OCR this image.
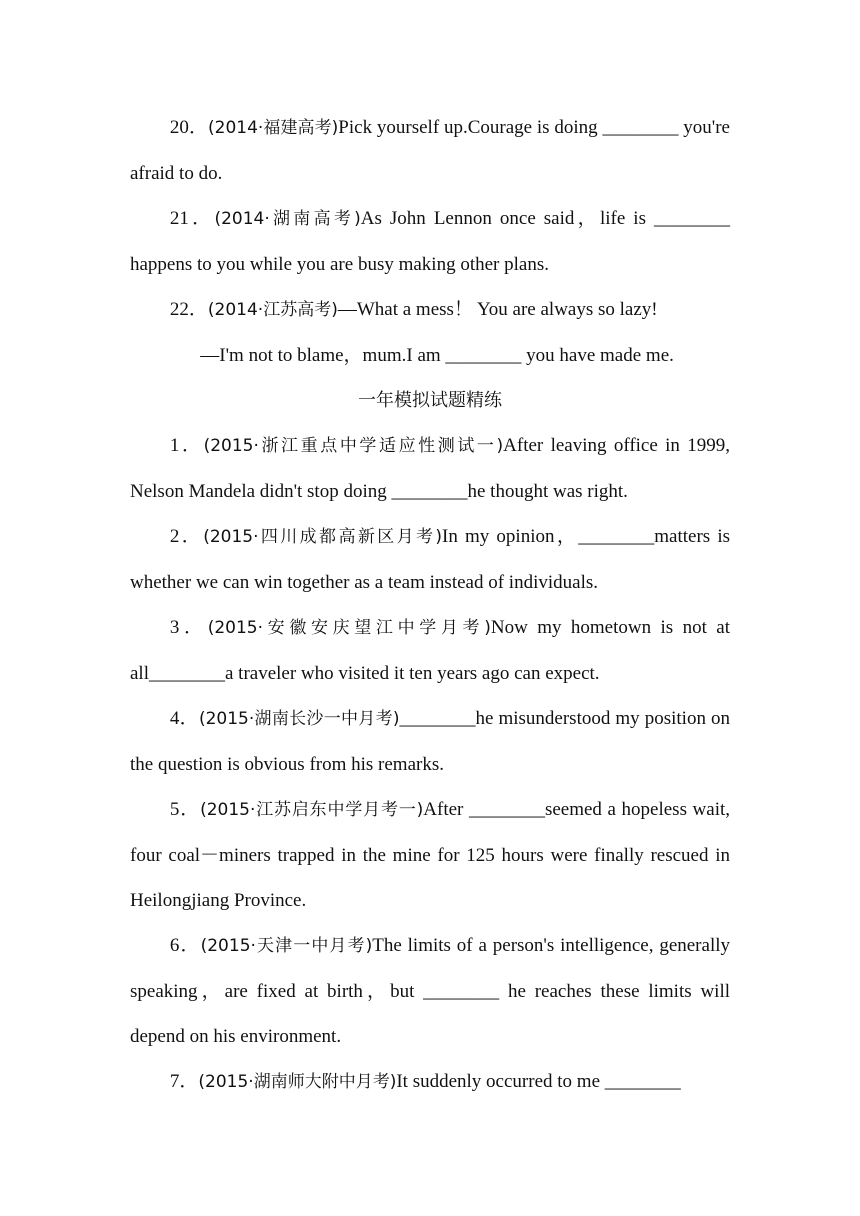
20．(2014·福建高考)Pick yourself up.Courage is doing ________ you're afraid to do.

21．(2014·湖南高考)As John Lennon once said，life is ________ happens to you while you are busy making other plans.

22．(2014·江苏高考)—What a mess！ You are always so lazy!

—I'm not to blame，mum.I am ________ you have made me.

一年模拟试题精练

1．(2015·浙江重点中学适应性测试一)After leaving office in 1999, Nelson Mandela didn't stop doing ________he thought was right.

2．(2015·四川成都高新区月考)In my opinion，________matters is whether we can win together as a team instead of individuals.

3．(2015·安徽安庆望江中学月考)Now my hometown is not at all________a traveler who visited it ten years ago can expect.

4．(2015·湖南长沙一中月考)________he misunderstood my position on the question is obvious from his remarks.

5．(2015·江苏启东中学月考一)After ________seemed a hopeless wait, four coal－miners trapped in the mine for 125 hours were finally rescued in Heilongjiang Province.

6．(2015·天津一中月考)The limits of a person's intelligence, generally speaking，are fixed at birth，but ________ he reaches these limits will depend on his environment.

7．(2015·湖南师大附中月考)It suddenly occurred to me ________
